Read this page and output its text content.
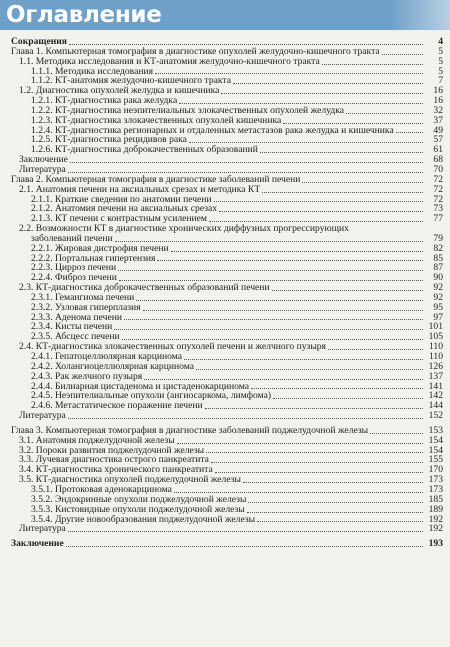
Оглавление
Сокращения	4
Глава 1. Компьютерная томография в диагностике опухолей желудочно-кишечного тракта	5
1.1. Методика исследования и КТ-анатомия желудочно-кишечного тракта	5
1.1.1. Методика исследования	5
1.1.2. КТ-анатомия желудочно-кишечного тракта	7
1.2. Диагностика опухолей желудка и кишечника	16
1.2.1. КТ-диагностика рака желудка	16
1.2.2. КТ-диагностика неэпителиальных злокачественных опухолей желудка	32
1.2.3. КТ-диагностика злокачественных опухолей кишечника	37
1.2.4. КТ-диагностика регионарных и отдаленных метастазов рака желудка и кишечника	49
1.2.5. КТ-диагностика рецидивов рака	57
1.2.6. КТ-диагностика доброкачественных образований	61
Заключение	68
Литература	70
Глава 2. Компьютерная томография в диагностике заболеваний печени	72
2.1. Анатомия печени на аксиальных срезах и методика КТ	72
2.1.1. Краткие сведения по анатомии печени	72
2.1.2. Анатомия печени на аксиальных срезах	73
2.1.3. КТ печени с контрастным усилением	77
2.2. Возможности КТ в диагностике хронических диффузных прогрессирующих
заболеваний печени	79
2.2.1. Жировая дистрофия печени	82
2.2.2. Портальная гипертензия	85
2.2.3. Цирроз печени	87
2.2.4. Фиброз печени	90
2.3. КТ-диагностика доброкачественных образований печени	92
2.3.1. Гемангиома печени	92
2.3.2. Узловая гиперплазия	95
2.3.3. Аденома печени	97
2.3.4. Кисты печени	101
2.3.5. Абсцесс печени	105
2.4. КТ-диагностика злокачественных опухолей печени и желчного пузыря	110
2.4.1. Гепатоцеллюлярная карцинома	110
2.4.2. Холангиоцеллюлярная карцинома	126
2.4.3. Рак желчного пузыря	137
2.4.4. Билиарная цистаденома и цистаденокарцинома	141
2.4.5. Неэпителиальные опухоли (ангиосаркома, лимфома)	142
2.4.6. Метастатическое поражение печени	144
Литература	152
Глава 3. Компьютерная томография в диагностике заболеваний поджелудочной железы	153
3.1. Анатомия поджелудочной железы	154
3.2. Пороки развития поджелудочной железы	154
3.3. Лучевая диагностика острого панкреатита	155
3.4. КТ-диагностика хронического панкреатита	170
3.5. КТ-диагностика опухолей поджелудочной железы	173
3.5.1. Протоковая аденокарцинома	173
3.5.2. Эндокринные опухоли поджелудочной железы	185
3.5.3. Кистовидные опухоли поджелудочной железы	189
3.5.4. Другие новообразования поджелудочной железы	192
Литература	192
Заключение	193
